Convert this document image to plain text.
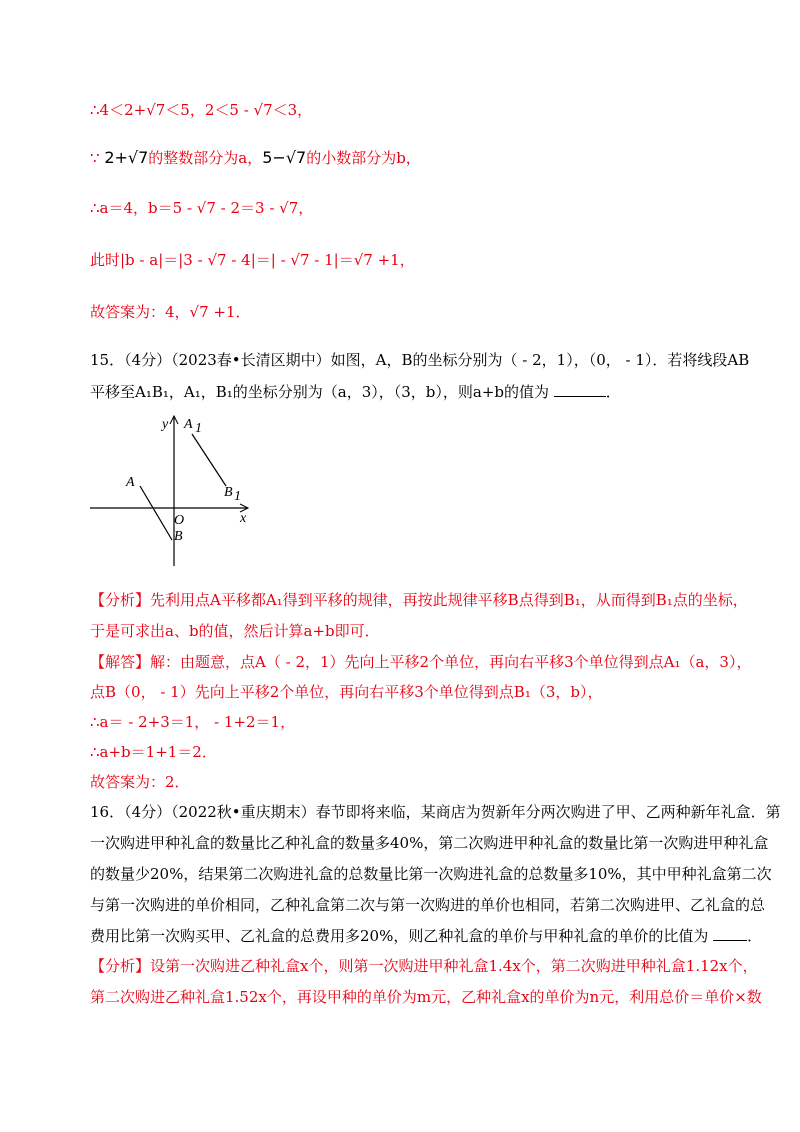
∴4＜2+√7＜5，2＜5 - √7＜3，
∵ 2+√7的整数部分为a，5−√7的小数部分为b，
∴a＝4，b＝5 - √7 - 2＝3 - √7，
此时|b - a|＝|3 - √7 - 4|＝| - √7 - 1|＝√7 +1，
故答案为：4，√7 +1．
15．（4分）（2023春•长清区期中）如图，A，B的坐标分别为（ - 2，1），（0， - 1）．若将线段AB
平移至A₁B₁，A₁，B₁的坐标分别为（a，3），（3，b），则a+b的值为	．
y
x
O
A
B
A 1
B 1
【分析】先利用点A平移都A₁得到平移的规律，再按此规律平移B点得到B₁，从而得到B₁点的坐标，
于是可求出a、b的值，然后计算a+b即可．
【解答】解：由题意，点A（ - 2，1）先向上平移2个单位，再向右平移3个单位得到点A₁（a，3），
点B（0， - 1）先向上平移2个单位，再向右平移3个单位得到点B₁（3，b），
∴a＝ - 2+3＝1， - 1+2＝1，
∴a+b＝1+1＝2．
故答案为：2．
16．（4分）（2022秋•重庆期末）春节即将来临，某商店为贺新年分两次购进了甲、乙两种新年礼盒．第
一次购进甲种礼盒的数量比乙种礼盒的数量多40%，第二次购进甲种礼盒的数量比第一次购进甲种礼盒
的数量少20%，结果第二次购进礼盒的总数量比第一次购进礼盒的总数量多10%，其中甲种礼盒第二次
与第一次购进的单价相同，乙种礼盒第二次与第一次购进的单价也相同，若第二次购进甲、乙礼盒的总
费用比第一次购买甲、乙礼盒的总费用多20%，则乙种礼盒的单价与甲种礼盒的单价的比值为	．
【分析】设第一次购进乙种礼盒x个，则第一次购进甲种礼盒1.4x个，第二次购进甲种礼盒1.12x个，
第二次购进乙种礼盒1.52x个，再设甲种的单价为m元，乙种礼盒x的单价为n元，利用总价＝单价×数
